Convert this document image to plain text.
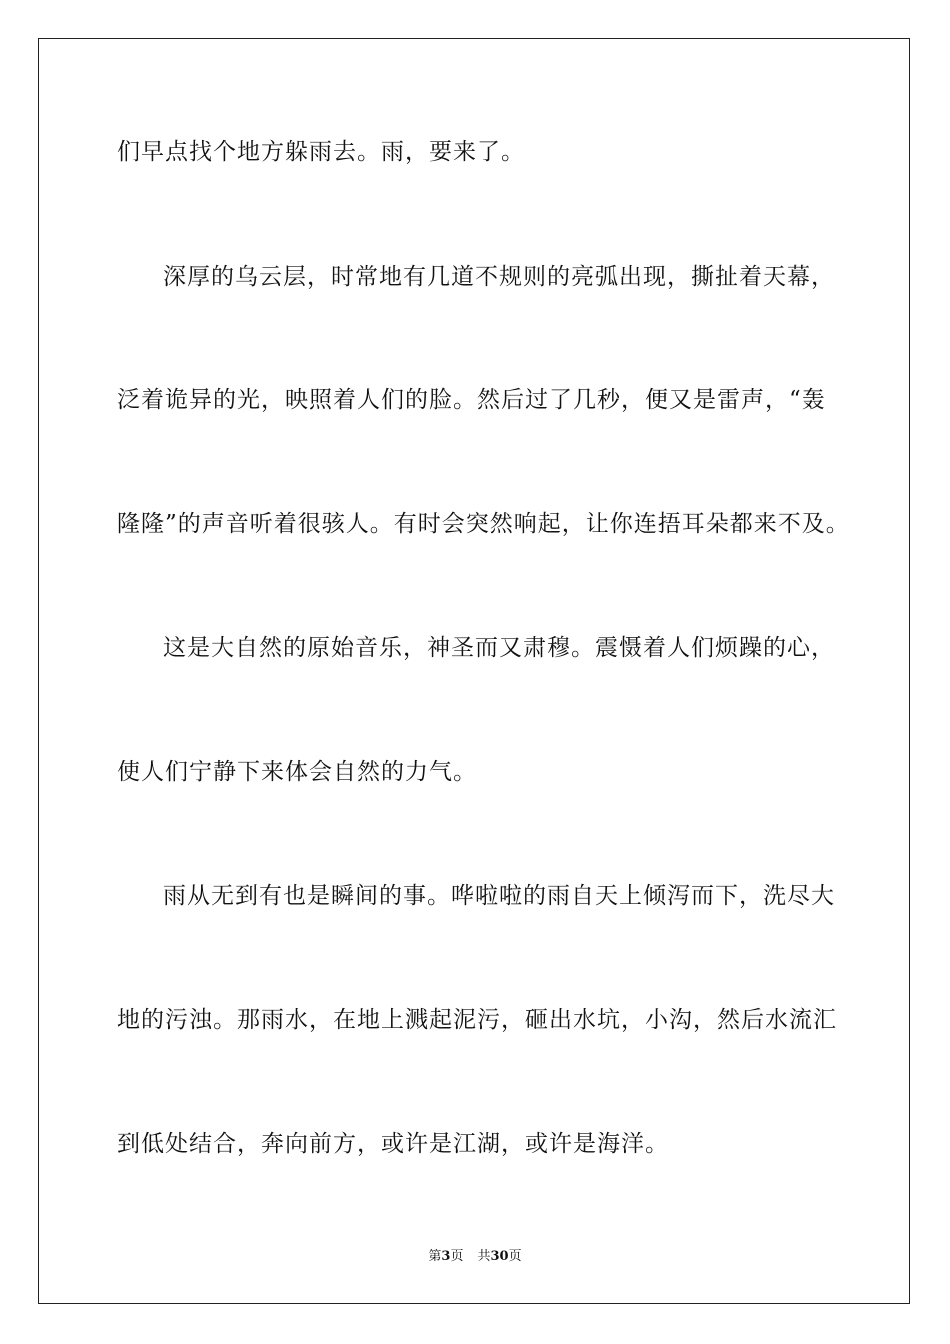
们早点找个地方躲雨去。雨，要来了。
深厚的乌云层，时常地有几道不规则的亮弧出现，撕扯着天幕，
泛着诡异的光，映照着人们的脸。然后过了几秒，便又是雷声，“轰
隆隆”的声音听着很骇人。有时会突然响起，让你连捂耳朵都来不及。
这是大自然的原始音乐，神圣而又肃穆。震慑着人们烦躁的心，
使人们宁静下来体会自然的力气。
雨从无到有也是瞬间的事。哗啦啦的雨自天上倾泻而下，洗尽大
地的污浊。那雨水，在地上溅起泥污，砸出水坑，小沟，然后水流汇
到低处结合，奔向前方，或许是江湖，或许是海洋。
第3页 共30页
